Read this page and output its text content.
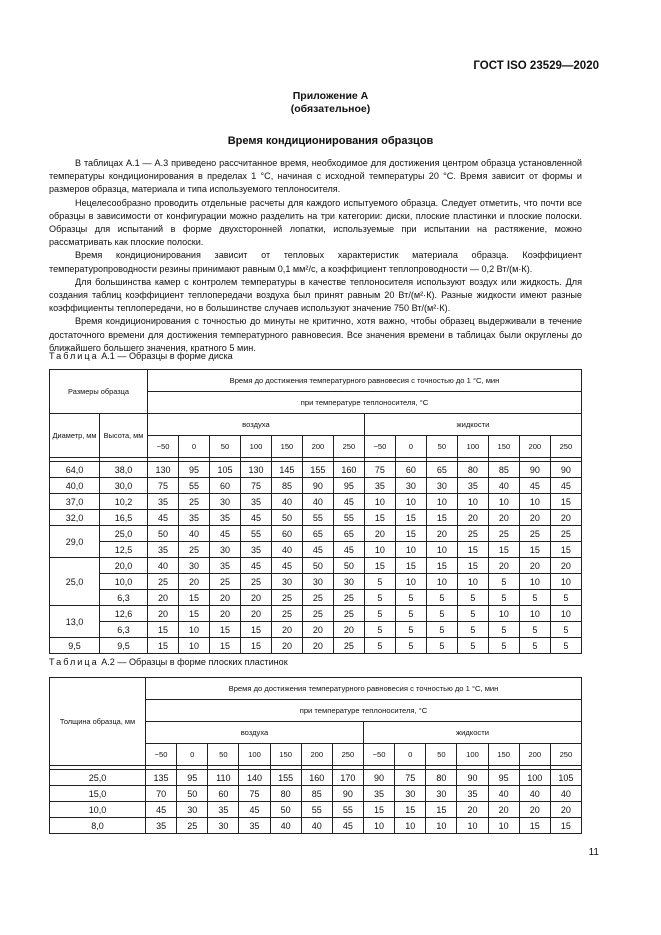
ГОСТ ISO 23529—2020
Приложение А
(обязательное)
Время кондиционирования образцов

В таблицах А.1 — А.3 приведено рассчитанное время, необходимое для достижения центром образца установленной температуры кондиционирования в пределах 1 °С, начиная с исходной температуры 20 °С. Время зависит от формы и размеров образца, материала и типа используемого теплоносителя.

Нецелесообразно проводить отдельные расчеты для каждого испытуемого образца. Следует отметить, что почти все образцы в зависимости от конфигурации можно разделить на три категории: диски, плоские пластинки и плоские полоски. Образцы для испытаний в форме двухсторонней лопатки, используемые при испытании на растяжение, можно рассматривать как плоские полоски.

Время кондиционирования зависит от тепловых характеристик материала образца. Коэффициент температуропроводности резины принимают равным 0,1 мм²/с, а коэффициент теплопроводности — 0,2 Вт/(м·К).

Для большинства камер с контролем температуры в качестве теплоносителя используют воздух или жидкость. Для создания таблиц коэффициент теплопередачи воздуха был принят равным 20 Вт/(м²·К). Разные жидкости имеют разные коэффициенты теплопередачи, но в большинстве случаев используют значение 750 Вт/(м²·К).

Время кондиционирования с точностью до минуты не критично, хотя важно, чтобы образец выдерживали в течение достаточного времени для достижения температурного равновесия. Все значения времени в таблицах были округлены до ближайшего большего значения, кратного 5 мин.

Таблица А.1 — Образцы в форме диска
Размеры образца		Время до достижения температурного равновесия с точностью до 1 °С, мин													
		при температуре теплоносителя, °С													
Диаметр, мм	Высота, мм	воздуха							жидкости						
		−50	0	50	100	150	200	250	−50	0	50	100	150	200	250

64,0	38,0	130	95	105	130	145	155	160	75	60	65	80	85	90	90
40,0	30,0	75	55	60	75	85	90	95	35	30	30	35	40	45	45
37,0	10,2	35	25	30	35	40	40	45	10	10	10	10	10	10	15
32,0	16,5	45	35	35	45	50	55	55	15	15	15	20	20	20	20
29,0	25,0	50	40	45	55	60	65	65	20	15	20	25	25	25	25
	12,5	35	25	30	35	40	45	45	10	10	10	15	15	15	15
25,0	20,0	40	30	35	45	45	50	50	15	15	15	15	20	20	20
	10,0	25	20	25	25	30	30	30	5	10	10	10	5	10	10
	6,3	20	15	20	20	25	25	25	5	5	5	5	5	5	5
13,0	12,6	20	15	20	20	25	25	25	5	5	5	5	10	10	10
	6,3	15	10	15	15	20	20	20	5	5	5	5	5	5	5
9,5	9,5	15	10	15	15	20	20	25	5	5	5	5	5	5	5
Таблица А.2 — Образцы в форме плоских пластинок
Толщина образца, мм	Время до достижения температурного равновесия с точностью до 1 °С, мин													
	при температуре теплоносителя, °С													
	воздуха							жидкости						
	−50	0	50	100	150	200	250	−50	0	50	100	150	200	250

25,0	135	95	110	140	155	160	170	90	75	80	90	95	100	105
15,0	70	50	60	75	80	85	90	35	30	30	35	40	40	40
10,0	45	30	35	45	50	55	55	15	15	15	20	20	20	20
8,0	35	25	30	35	40	40	45	10	10	10	10	10	15	15
11
